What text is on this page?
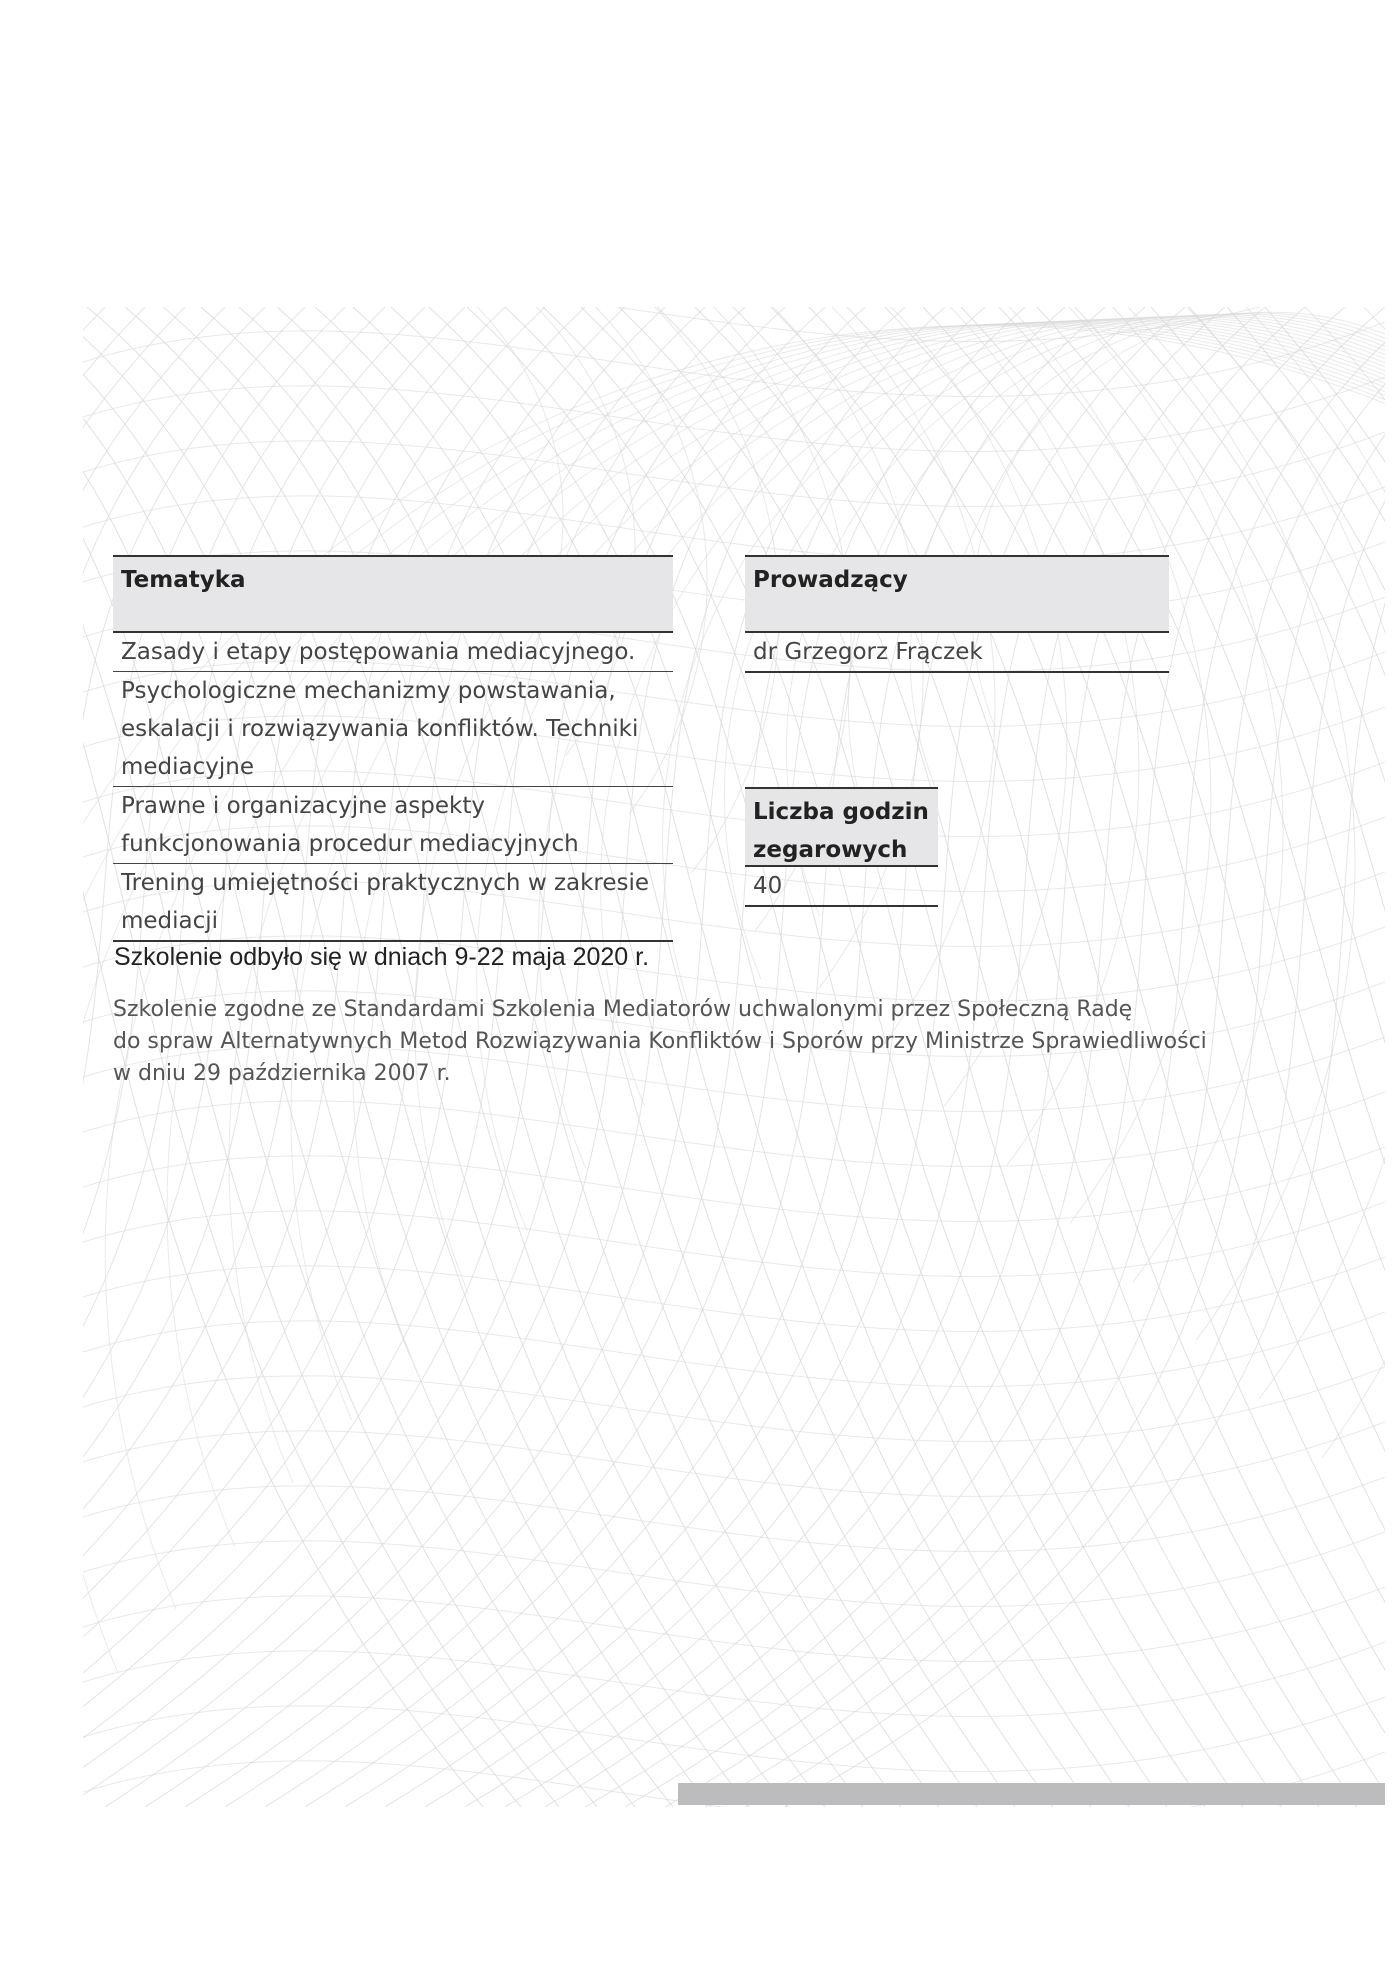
Tematyka
Zasady i etapy postępowania mediacyjnego.
Psychologiczne mechanizmy powstawania, eskalacji i rozwiązywania konfliktów. Techniki mediacyjne
Prawne i organizacyjne aspekty funkcjonowania procedur mediacyjnych
Trening umiejętności praktycznych w zakresie mediacji
Prowadzący
dr Grzegorz Frączek
Liczba godzin zegarowych
40
Szkolenie odbyło się w dniach 9-22 maja 2020 r.
Szkolenie zgodne ze Standardami Szkolenia Mediatorów uchwalonymi przez Społeczną Radę
do spraw Alternatywnych Metod Rozwiązywania Konfliktów i Sporów przy Ministrze Sprawiedliwości
w dniu 29 października 2007 r.
